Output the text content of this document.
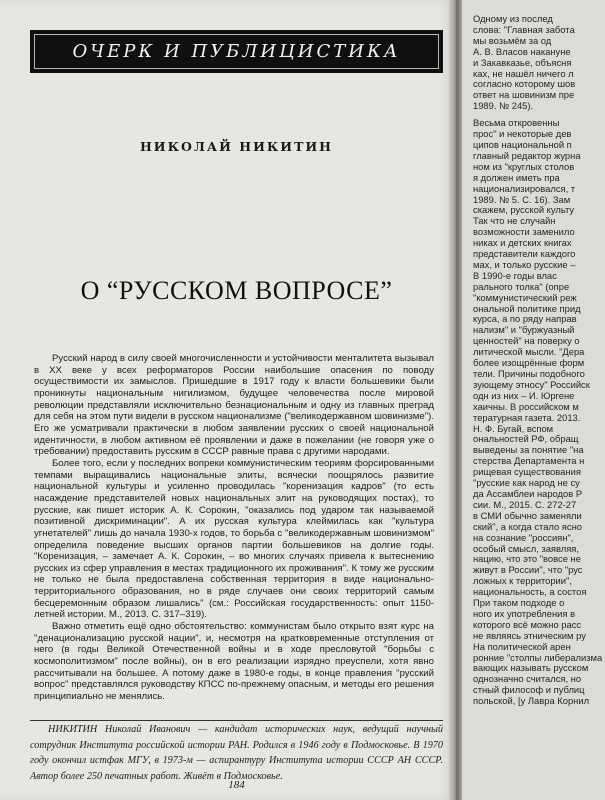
ОЧЕРК И ПУБЛИЦИСТИКА
НИКОЛАЙ НИКИТИН
О “РУССКОМ ВОПРОСЕ”

Русский народ в силу своей многочисленности и устойчивости менталитета вызывал в XX веке у всех реформаторов России наибольшие опасения по поводу осуществимости их замыслов. Пришедшие в 1917 году к власти большевики были проникнуты национальным нигилизмом, будущее человечества после мировой революции представляли исключительно безнациональным и одну из главных преград для себя на этом пути видели в русском национализме ("великодержавном шовинизме"). Его же усматривали практически в любом заявлении русских о своей национальной идентичности, в любом активном её проявлении и даже в пожелании (не говоря уже о требовании) предоставить русским в СССР равные права с другими народами.

Более того, если у последних вопреки коммунистическим теориям форсированными темпами выращивались национальные элиты, всячески поощрялось развитие национальной культуры и усиленно проводилась "коренизация кадров" (то есть насаждение представителей новых национальных элит на руководящих постах), то русские, как пишет историк А. К. Сорокин, "оказались под ударом так называемой позитивной дискриминации". А их русская культура клеймилась как "культура угнетателей" лишь до начала 1930-х годов, то борьба с "великодержавным шовинизмом" определила поведение высших органов партии большевиков на долгие годы. "Коренизация, – замечает А. К. Сорокин, – во многих случаях привела к вытеснению русских из сфер управления в местах традиционного их проживания". К тому же русским не только не была предоставлена собственная территория в виде национально-территориального образования, но в ряде случаев они своих территорий самым бесцеремонным образом лишались" (см.: Российская государственность: опыт 1150-летней истории. М., 2013. С. 317–319).

Важно отметить ещё одно обстоятельство: коммунистам было открыто взят курс на "денационализацию русской нации", и, несмотря на кратковременные отступления от него (в годы Великой Отечественной войны и в ходе пресловутой "борьбы с космополитизмом" после войны), он в его реализации изрядно преуспели, хотя явно рассчитывали на большее. А потому даже в 1980-е годы, в конце правления "русский вопрос" представлялся руководству КПСС по-прежнему опасным, и методы его решения принципиально не менялись.

НИКИТИН Николай Иванович — кандидат исторических наук, ведущий научный сотрудник Института российской истории РАН. Родился в 1946 году в Подмосковье. В 1970 году окончил истфак МГУ, в 1973-м — аспирантуру Института истории СССР АН СССР. Автор более 250 печатных работ. Живёт в Подмосковье.
184
Одному из послед
слова: "Главная заботa
мы возьмём за од
А. В. Власов накануне
и Закавказье, объясня
ках, не нашёл ничего л
согласно которому шов
ответ на шовинизм пре
1989. № 245).
Весьма откровенны
прос" и некоторые дев
ципов национальной п
главный редактор журна
ном из "круглых столов
я должен иметь пра
национализировался, т
1989. № 5. С. 16). Зам
скажем, русской культу
Так что не случайн
возможности заменило
никах и детских книгах
представители каждого
мах, и только русские –
В 1990-е годы влас
рального толка" (опре
"коммунистический реж
ональной политике прид
курса, а по ряду направ
нализм" и "буржуазный
ценностей" на поверку о
литической мысли. "Дера
более изощрённые форм
тели. Причины подобного
зующему этносу" Российск
одн из них – И. Юргене
хаичны. В российском м
тературная газета. 2013.
Н. Ф. Бугай, вспом
ональностей РФ, обращ
выведены за понятие "на
стерства Департамента н
рищевая существования
"русские как народ не су
да Ассамблеи народов Р
сии. М., 2015. С. 272-27
в СМИ обычно заменяли
ский", а когда стало ясно
на сознание "россиян",
особый смысл, заявляя,
нацию, что это "вовсе не
живут в России", что "рус
ложных к территории",
национальность, а состоя
При таком подходе о
ного их употребления в
которого всё можно расс
не являясь этническим ру
На политической арен
ронние "столпы либерализма
вающих называть русском
однозначно считался, но
стный философ и публиц
польской, [у Лавра Корнил
